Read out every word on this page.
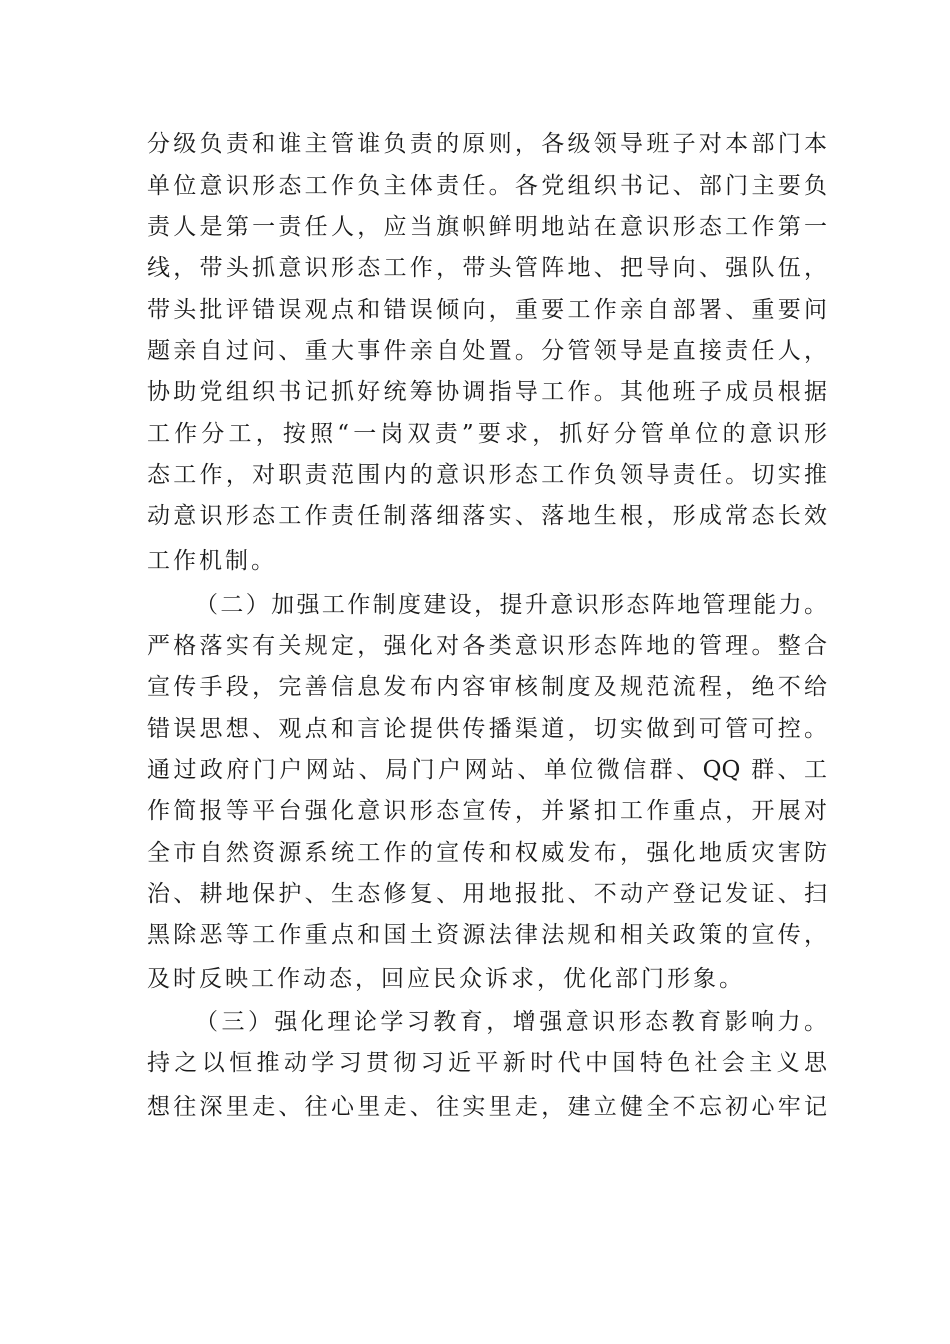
分级负责和谁主管谁负责的原则，各级领导班子对本部门本
单位意识形态工作负主体责任。各党组织书记、部门主要负
责人是第一责任人，应当旗帜鲜明地站在意识形态工作第一
线，带头抓意识形态工作，带头管阵地、把导向、强队伍，
带头批评错误观点和错误倾向，重要工作亲自部署、重要问
题亲自过问、重大事件亲自处置。分管领导是直接责任人，
协助党组织书记抓好统筹协调指导工作。其他班子成员根据
工作分工，按照“一岗双责”要求，抓好分管单位的意识形
态工作，对职责范围内的意识形态工作负领导责任。切实推
动意识形态工作责任制落细落实、落地生根，形成常态长效
工作机制。
（二）加强工作制度建设，提升意识形态阵地管理能力。
严格落实有关规定，强化对各类意识形态阵地的管理。整合
宣传手段，完善信息发布内容审核制度及规范流程，绝不给
错误思想、观点和言论提供传播渠道，切实做到可管可控。
通过政府门户网站、局门户网站、单位微信群、QQ 群、工
作简报等平台强化意识形态宣传，并紧扣工作重点，开展对
全市自然资源系统工作的宣传和权威发布，强化地质灾害防
治、耕地保护、生态修复、用地报批、不动产登记发证、扫
黑除恶等工作重点和国土资源法律法规和相关政策的宣传，
及时反映工作动态，回应民众诉求，优化部门形象。
（三）强化理论学习教育，增强意识形态教育影响力。
持之以恒推动学习贯彻习近平新时代中国特色社会主义思
想往深里走、往心里走、往实里走，建立健全不忘初心牢记
